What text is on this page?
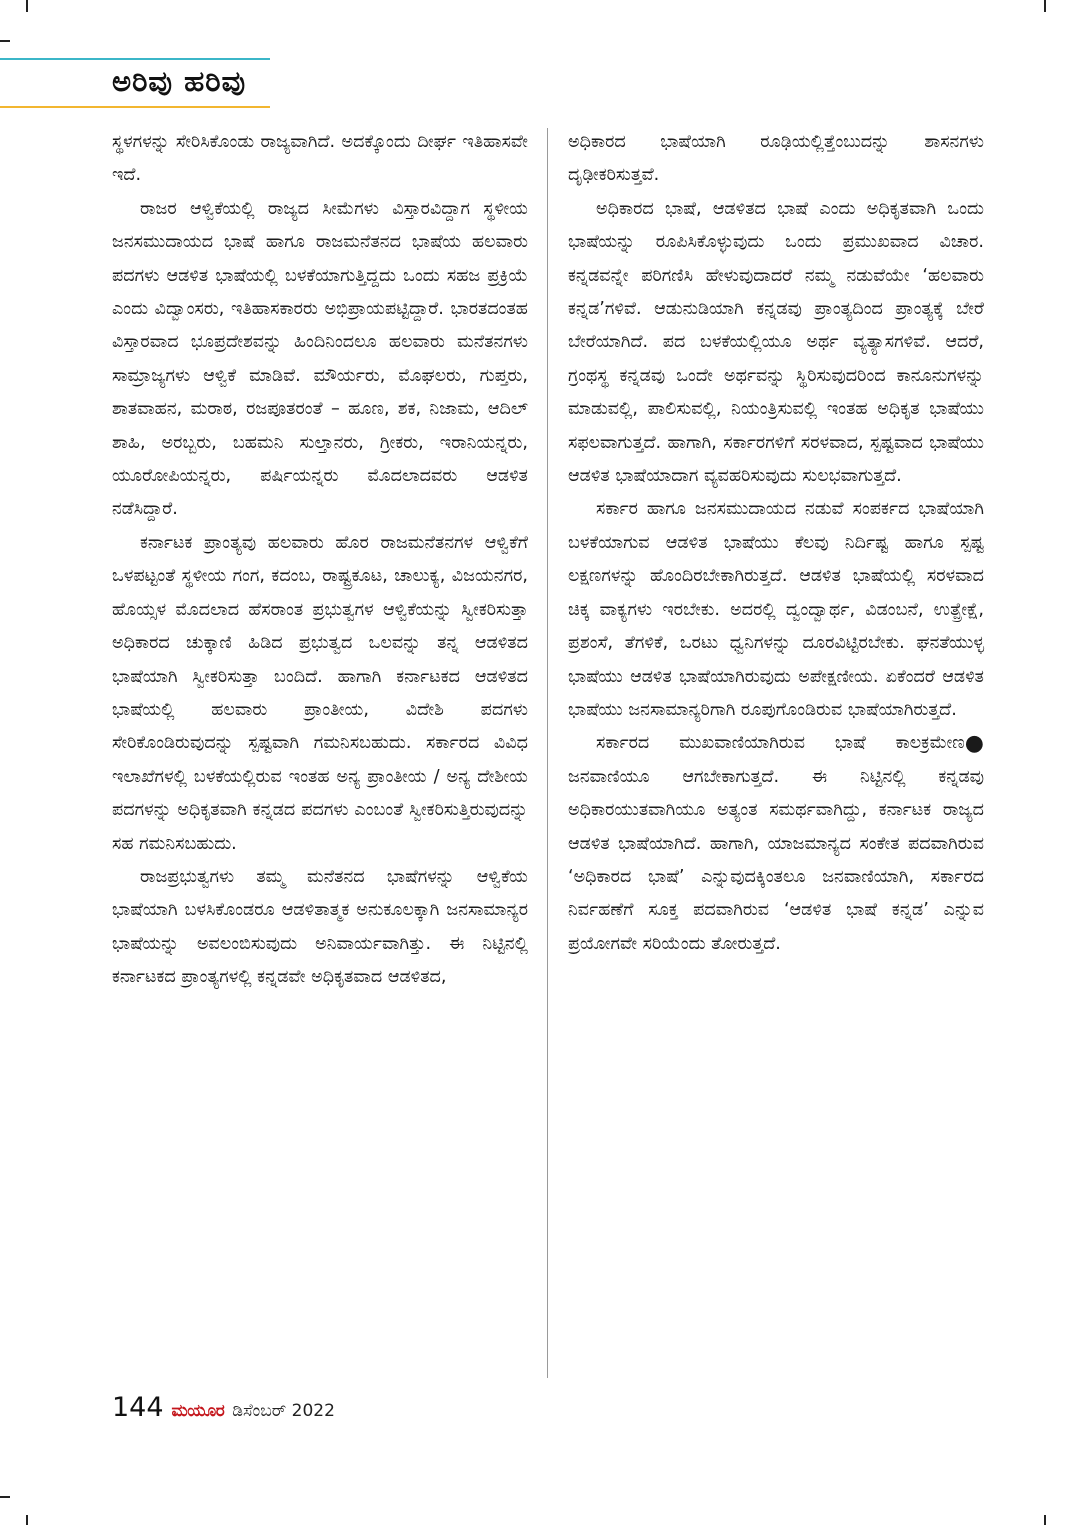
ಅರಿವು ಹರಿವು

ಸ್ಥಳಗಳನ್ನು ಸೇರಿಸಿಕೊಂಡು ರಾಜ್ಯವಾಗಿದೆ. ಅದಕ್ಕೊಂದು ದೀರ್ಘ ಇತಿಹಾಸವೇ ಇದೆ.

ರಾಜರ ಆಳ್ವಿಕೆಯಲ್ಲಿ ರಾಜ್ಯದ ಸೀಮೆಗಳು ವಿಸ್ತಾರವಿದ್ದಾಗ ಸ್ಥಳೀಯ ಜನಸಮುದಾಯದ ಭಾಷೆ ಹಾಗೂ ರಾಜಮನೆತನದ ಭಾಷೆಯ ಹಲವಾರು ಪದಗಳು ಆಡಳಿತ ಭಾಷೆಯಲ್ಲಿ ಬಳಕೆಯಾಗುತ್ತಿದ್ದದು ಒಂದು ಸಹಜ ಪ್ರಕ್ರಿಯೆ ಎಂದು ವಿದ್ವಾಂಸರು, ಇತಿಹಾಸಕಾರರು ಅಭಿಪ್ರಾಯಪಟ್ಟಿದ್ದಾರೆ. ಭಾರತದಂತಹ ವಿಸ್ತಾರವಾದ ಭೂಪ್ರದೇಶವನ್ನು ಹಿಂದಿನಿಂದಲೂ ಹಲವಾರು ಮನೆತನಗಳು ಸಾಮ್ರಾಜ್ಯಗಳು ಆಳ್ವಿಕೆ ಮಾಡಿವೆ. ಮೌರ್ಯರು, ಮೊಘಲರು, ಗುಪ್ತರು, ಶಾತವಾಹನ, ಮರಾಠ, ರಜಪೂತರಂತೆ – ಹೂಣ, ಶಕ, ನಿಜಾಮ, ಆದಿಲ್ ಶಾಹಿ, ಅರಬ್ಬರು, ಬಹಮನಿ ಸುಲ್ತಾನರು, ಗ್ರೀಕರು, ಇರಾನಿಯನ್ನರು, ಯೂರೋಪಿಯನ್ನರು, ಪರ್ಷಿಯನ್ನರು ಮೊದಲಾದವರು ಆಡಳಿತ ನಡೆಸಿದ್ದಾರೆ.

ಕರ್ನಾಟಕ ಪ್ರಾಂತ್ಯವು ಹಲವಾರು ಹೊರ ರಾಜಮನೆತನಗಳ ಆಳ್ವಿಕೆಗೆ ಒಳಪಟ್ಟಂತೆ ಸ್ಥಳೀಯ ಗಂಗ, ಕದಂಬ, ರಾಷ್ಟ್ರಕೂಟ, ಚಾಲುಕ್ಯ, ವಿಜಯನಗರ, ಹೊಯ್ಸಳ ಮೊದಲಾದ ಹೆಸರಾಂತ ಪ್ರಭುತ್ವಗಳ ಆಳ್ವಿಕೆಯನ್ನು ಸ್ವೀಕರಿಸುತ್ತಾ ಅಧಿಕಾರದ ಚುಕ್ಕಾಣಿ ಹಿಡಿದ ಪ್ರಭುತ್ವದ ಒಲವನ್ನು ತನ್ನ ಆಡಳಿತದ ಭಾಷೆಯಾಗಿ ಸ್ವೀಕರಿಸುತ್ತಾ ಬಂದಿದೆ. ಹಾಗಾಗಿ ಕರ್ನಾಟಕದ ಆಡಳಿತದ ಭಾಷೆಯಲ್ಲಿ ಹಲವಾರು ಪ್ರಾಂತೀಯ, ವಿದೇಶಿ ಪದಗಳು ಸೇರಿಕೊಂಡಿರುವುದನ್ನು ಸ್ಪಷ್ಟವಾಗಿ ಗಮನಿಸಬಹುದು. ಸರ್ಕಾರದ ವಿವಿಧ ಇಲಾಖೆಗಳಲ್ಲಿ ಬಳಕೆಯಲ್ಲಿರುವ ಇಂತಹ ಅನ್ಯ ಪ್ರಾಂತೀಯ / ಅನ್ಯ ದೇಶೀಯ ಪದಗಳನ್ನು ಅಧಿಕೃತವಾಗಿ ಕನ್ನಡದ ಪದಗಳು ಎಂಬಂತೆ ಸ್ವೀಕರಿಸುತ್ತಿರುವುದನ್ನು ಸಹ ಗಮನಿಸಬಹುದು.

ರಾಜಪ್ರಭುತ್ವಗಳು ತಮ್ಮ ಮನೆತನದ ಭಾಷೆಗಳನ್ನು ಆಳ್ವಿಕೆಯ ಭಾಷೆಯಾಗಿ ಬಳಸಿಕೊಂಡರೂ ಆಡಳಿತಾತ್ಮಕ ಅನುಕೂಲಕ್ಕಾಗಿ ಜನಸಾಮಾನ್ಯರ ಭಾಷೆಯನ್ನು ಅವಲಂಬಿಸುವುದು ಅನಿವಾರ್ಯವಾಗಿತ್ತು. ಈ ನಿಟ್ಟಿನಲ್ಲಿ ಕರ್ನಾಟಕದ ಪ್ರಾಂತ್ಯಗಳಲ್ಲಿ ಕನ್ನಡವೇ ಅಧಿಕೃತವಾದ ಆಡಳಿತದ,

ಅಧಿಕಾರದ ಭಾಷೆಯಾಗಿ ರೂಢಿಯಲ್ಲಿತ್ತೆಂಬುದನ್ನು ಶಾಸನಗಳು ದೃಢೀಕರಿಸುತ್ತವೆ.

ಅಧಿಕಾರದ ಭಾಷೆ, ಆಡಳಿತದ ಭಾಷೆ ಎಂದು ಅಧಿಕೃತವಾಗಿ ಒಂದು ಭಾಷೆಯನ್ನು ರೂಪಿಸಿಕೊಳ್ಳುವುದು ಒಂದು ಪ್ರಮುಖವಾದ ವಿಚಾರ. ಕನ್ನಡವನ್ನೇ ಪರಿಗಣಿಸಿ ಹೇಳುವುದಾದರೆ ನಮ್ಮ ನಡುವೆಯೇ ‘ಹಲವಾರು ಕನ್ನಡ’ಗಳಿವೆ. ಆಡುನುಡಿಯಾಗಿ ಕನ್ನಡವು ಪ್ರಾಂತ್ಯದಿಂದ ಪ್ರಾಂತ್ಯಕ್ಕೆ ಬೇರೆ ಬೇರೆಯಾಗಿದೆ. ಪದ ಬಳಕೆಯಲ್ಲಿಯೂ ಅರ್ಥ ವ್ಯತ್ಯಾಸಗಳಿವೆ. ಆದರೆ, ಗ್ರಂಥಸ್ಥ ಕನ್ನಡವು ಒಂದೇ ಅರ್ಥವನ್ನು ಸ್ಥಿರಿಸುವುದರಿಂದ ಕಾನೂನುಗಳನ್ನು ಮಾಡುವಲ್ಲಿ, ಪಾಲಿಸುವಲ್ಲಿ, ನಿಯಂತ್ರಿಸುವಲ್ಲಿ ಇಂತಹ ಅಧಿಕೃತ ಭಾಷೆಯು ಸಫಲವಾಗುತ್ತದೆ. ಹಾಗಾಗಿ, ಸರ್ಕಾರಗಳಿಗೆ ಸರಳವಾದ, ಸ್ಪಷ್ಟವಾದ ಭಾಷೆಯು ಆಡಳಿತ ಭಾಷೆಯಾದಾಗ ವ್ಯವಹರಿಸುವುದು ಸುಲಭವಾಗುತ್ತದೆ.

ಸರ್ಕಾರ ಹಾಗೂ ಜನಸಮುದಾಯದ ನಡುವೆ ಸಂಪರ್ಕದ ಭಾಷೆಯಾಗಿ ಬಳಕೆಯಾಗುವ ಆಡಳಿತ ಭಾಷೆಯು ಕೆಲವು ನಿರ್ದಿಷ್ಟ ಹಾಗೂ ಸ್ಪಷ್ಟ ಲಕ್ಷಣಗಳನ್ನು ಹೊಂದಿರಬೇಕಾಗಿರುತ್ತದೆ. ಆಡಳಿತ ಭಾಷೆಯಲ್ಲಿ ಸರಳವಾದ ಚಿಕ್ಕ ವಾಕ್ಯಗಳು ಇರಬೇಕು. ಅದರಲ್ಲಿ ದ್ವಂದ್ವಾರ್ಥ, ವಿಡಂಬನೆ, ಉತ್ಪ್ರೇಕ್ಷೆ, ಪ್ರಶಂಸೆ, ತೆಗಳಿಕೆ, ಒರಟು ಧ್ವನಿಗಳನ್ನು ದೂರವಿಟ್ಟಿರಬೇಕು. ಘನತೆಯುಳ್ಳ ಭಾಷೆಯು ಆಡಳಿತ ಭಾಷೆಯಾಗಿರುವುದು ಅಪೇಕ್ಷಣೀಯ. ಏಕೆಂದರೆ ಆಡಳಿತ ಭಾಷೆಯು ಜನಸಾಮಾನ್ಯರಿಗಾಗಿ ರೂಪುಗೊಂಡಿರುವ ಭಾಷೆಯಾಗಿರುತ್ತದೆ.

●
ಸರ್ಕಾರದ ಮುಖವಾಣಿಯಾಗಿರುವ ಭಾಷೆ ಕಾಲಕ್ರಮೇಣ ಜನವಾಣಿಯೂ ಆಗಬೇಕಾಗುತ್ತದೆ. ಈ ನಿಟ್ಟಿನಲ್ಲಿ ಕನ್ನಡವು ಅಧಿಕಾರಯುತವಾಗಿಯೂ ಅತ್ಯಂತ ಸಮರ್ಥವಾಗಿದ್ದು, ಕರ್ನಾಟಕ ರಾಜ್ಯದ ಆಡಳಿತ ಭಾಷೆಯಾಗಿದೆ. ಹಾಗಾಗಿ, ಯಾಜಮಾನ್ಯದ ಸಂಕೇತ ಪದವಾಗಿರುವ ‘ಅಧಿಕಾರದ ಭಾಷೆ’ ಎನ್ನುವುದಕ್ಕಿಂತಲೂ ಜನವಾಣಿಯಾಗಿ, ಸರ್ಕಾರದ ನಿರ್ವಹಣೆಗೆ ಸೂಕ್ತ ಪದವಾಗಿರುವ ‘ಆಡಳಿತ ಭಾಷೆ ಕನ್ನಡ’ ಎನ್ನುವ ಪ್ರಯೋಗವೇ ಸರಿಯೆಂದು ತೋರುತ್ತದೆ.

144 ಮಯೂರ ಡಿಸೆಂಬರ್ 2022
